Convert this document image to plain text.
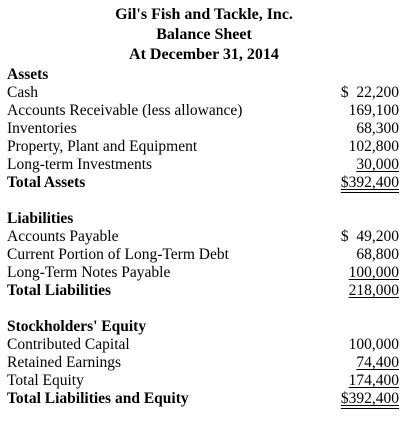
Gil's Fish and Tackle, Inc.
Balance Sheet
At December 31, 2014
Assets
Cash	$  22,200
Accounts Receivable (less allowance)	169,100
Inventories	68,300
Property, Plant and Equipment	102,800
Long-term Investments	30,000
Total Assets	$392,400
Liabilities
Accounts Payable	$  49,200
Current Portion of Long-Term Debt	68,800
Long-Term Notes Payable	100,000
Total Liabilities	218,000
Stockholders' Equity
Contributed Capital	100,000
Retained Earnings	74,400
Total Equity	174,400
Total Liabilities and Equity	$392,400
